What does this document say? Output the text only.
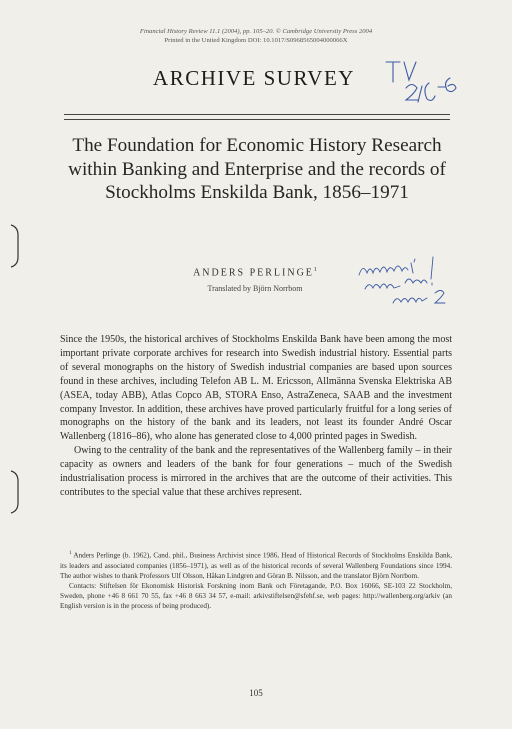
Financial History Review 11.1 (2004), pp. 105–20. © Cambridge University Press 2004
Printed in the United Kingdom DOI: 10.1017/S0968565004000066X
ARCHIVE SURVEY
The Foundation for Economic History Research within Banking and Enterprise and the records of Stockholms Enskilda Bank, 1856–1971
ANDERS PERLINGE$^1$
Translated by Björn Norrbom

Since the 1950s, the historical archives of Stockholms Enskilda Bank have been among the most important private corporate archives for research into Swedish industrial history. Essential parts of several monographs on the history of Swedish industrial companies are based upon sources found in these archives, including Telefon AB L. M. Ericsson, Allmänna Svenska Elektriska AB (ASEA, today ABB), Atlas Copco AB, STORA Enso, AstraZeneca, SAAB and the investment company Investor. In addition, these archives have proved particularly fruitful for a long series of monographs on the history of the bank and its leaders, not least its founder André Oscar Wallenberg (1816–86), who alone has generated close to 4,000 printed pages in Swedish.

Owing to the centrality of the bank and the representatives of the Wallenberg family – in their capacity as owners and leaders of the bank for four generations – much of the Swedish industrialisation process is mirrored in the archives that are the outcome of their activities. This contributes to the special value that these archives represent.

$^1$ Anders Perlinge (b. 1962), Cand. phil., Business Archivist since 1986, Head of Historical Records of Stockholms Enskilda Bank, its leaders and associated companies (1856–1971), as well as of the historical records of several Wallenberg Foundations since 1994. The author wishes to thank Professors Ulf Olsson, Håkan Lindgren and Göran B. Nilsson, and the translator Björn Norrbom.

Contacts: Stiftelsen för Ekonomisk Historisk Forskning inom Bank och Företagande, P.O. Box 16066, SE-103 22 Stockholm, Sweden, phone +46 8 661 70 55, fax +46 8 663 34 57, e-mail: arkivstiftelsen@sfehf.se, web pages: http://wallenberg.org/arkiv (an English version is in the process of being produced).

105
